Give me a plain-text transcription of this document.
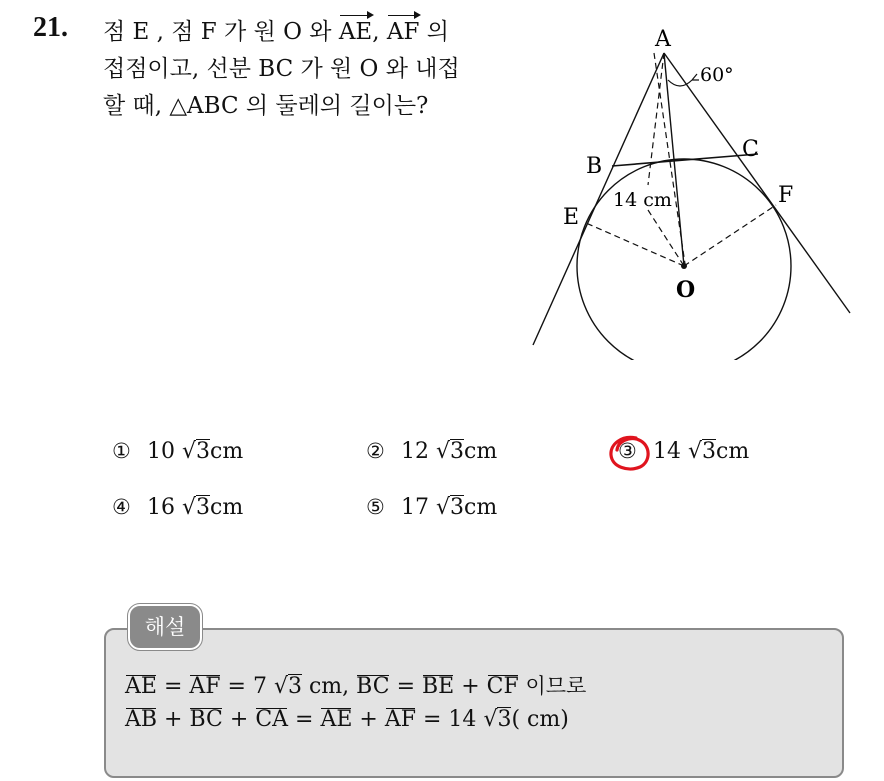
21. 점 E , 점 F 가 원 O 와 AE, AF 의
접점이고, 선분 BC 가 원 O 와 내접
할 때, △ABC 의 둘레의 길이는?
A
B
C
E
F
O
60°
14 cm
① 10 √3cm	② 12 √3cm	③ 14 √3cm
④ 16 √3cm	⑤ 17 √3cm
해설
AE = AF = 7 √3 cm, BC = BE + CF 이므로
AB + BC + CA = AE + AF = 14 √3( cm)
